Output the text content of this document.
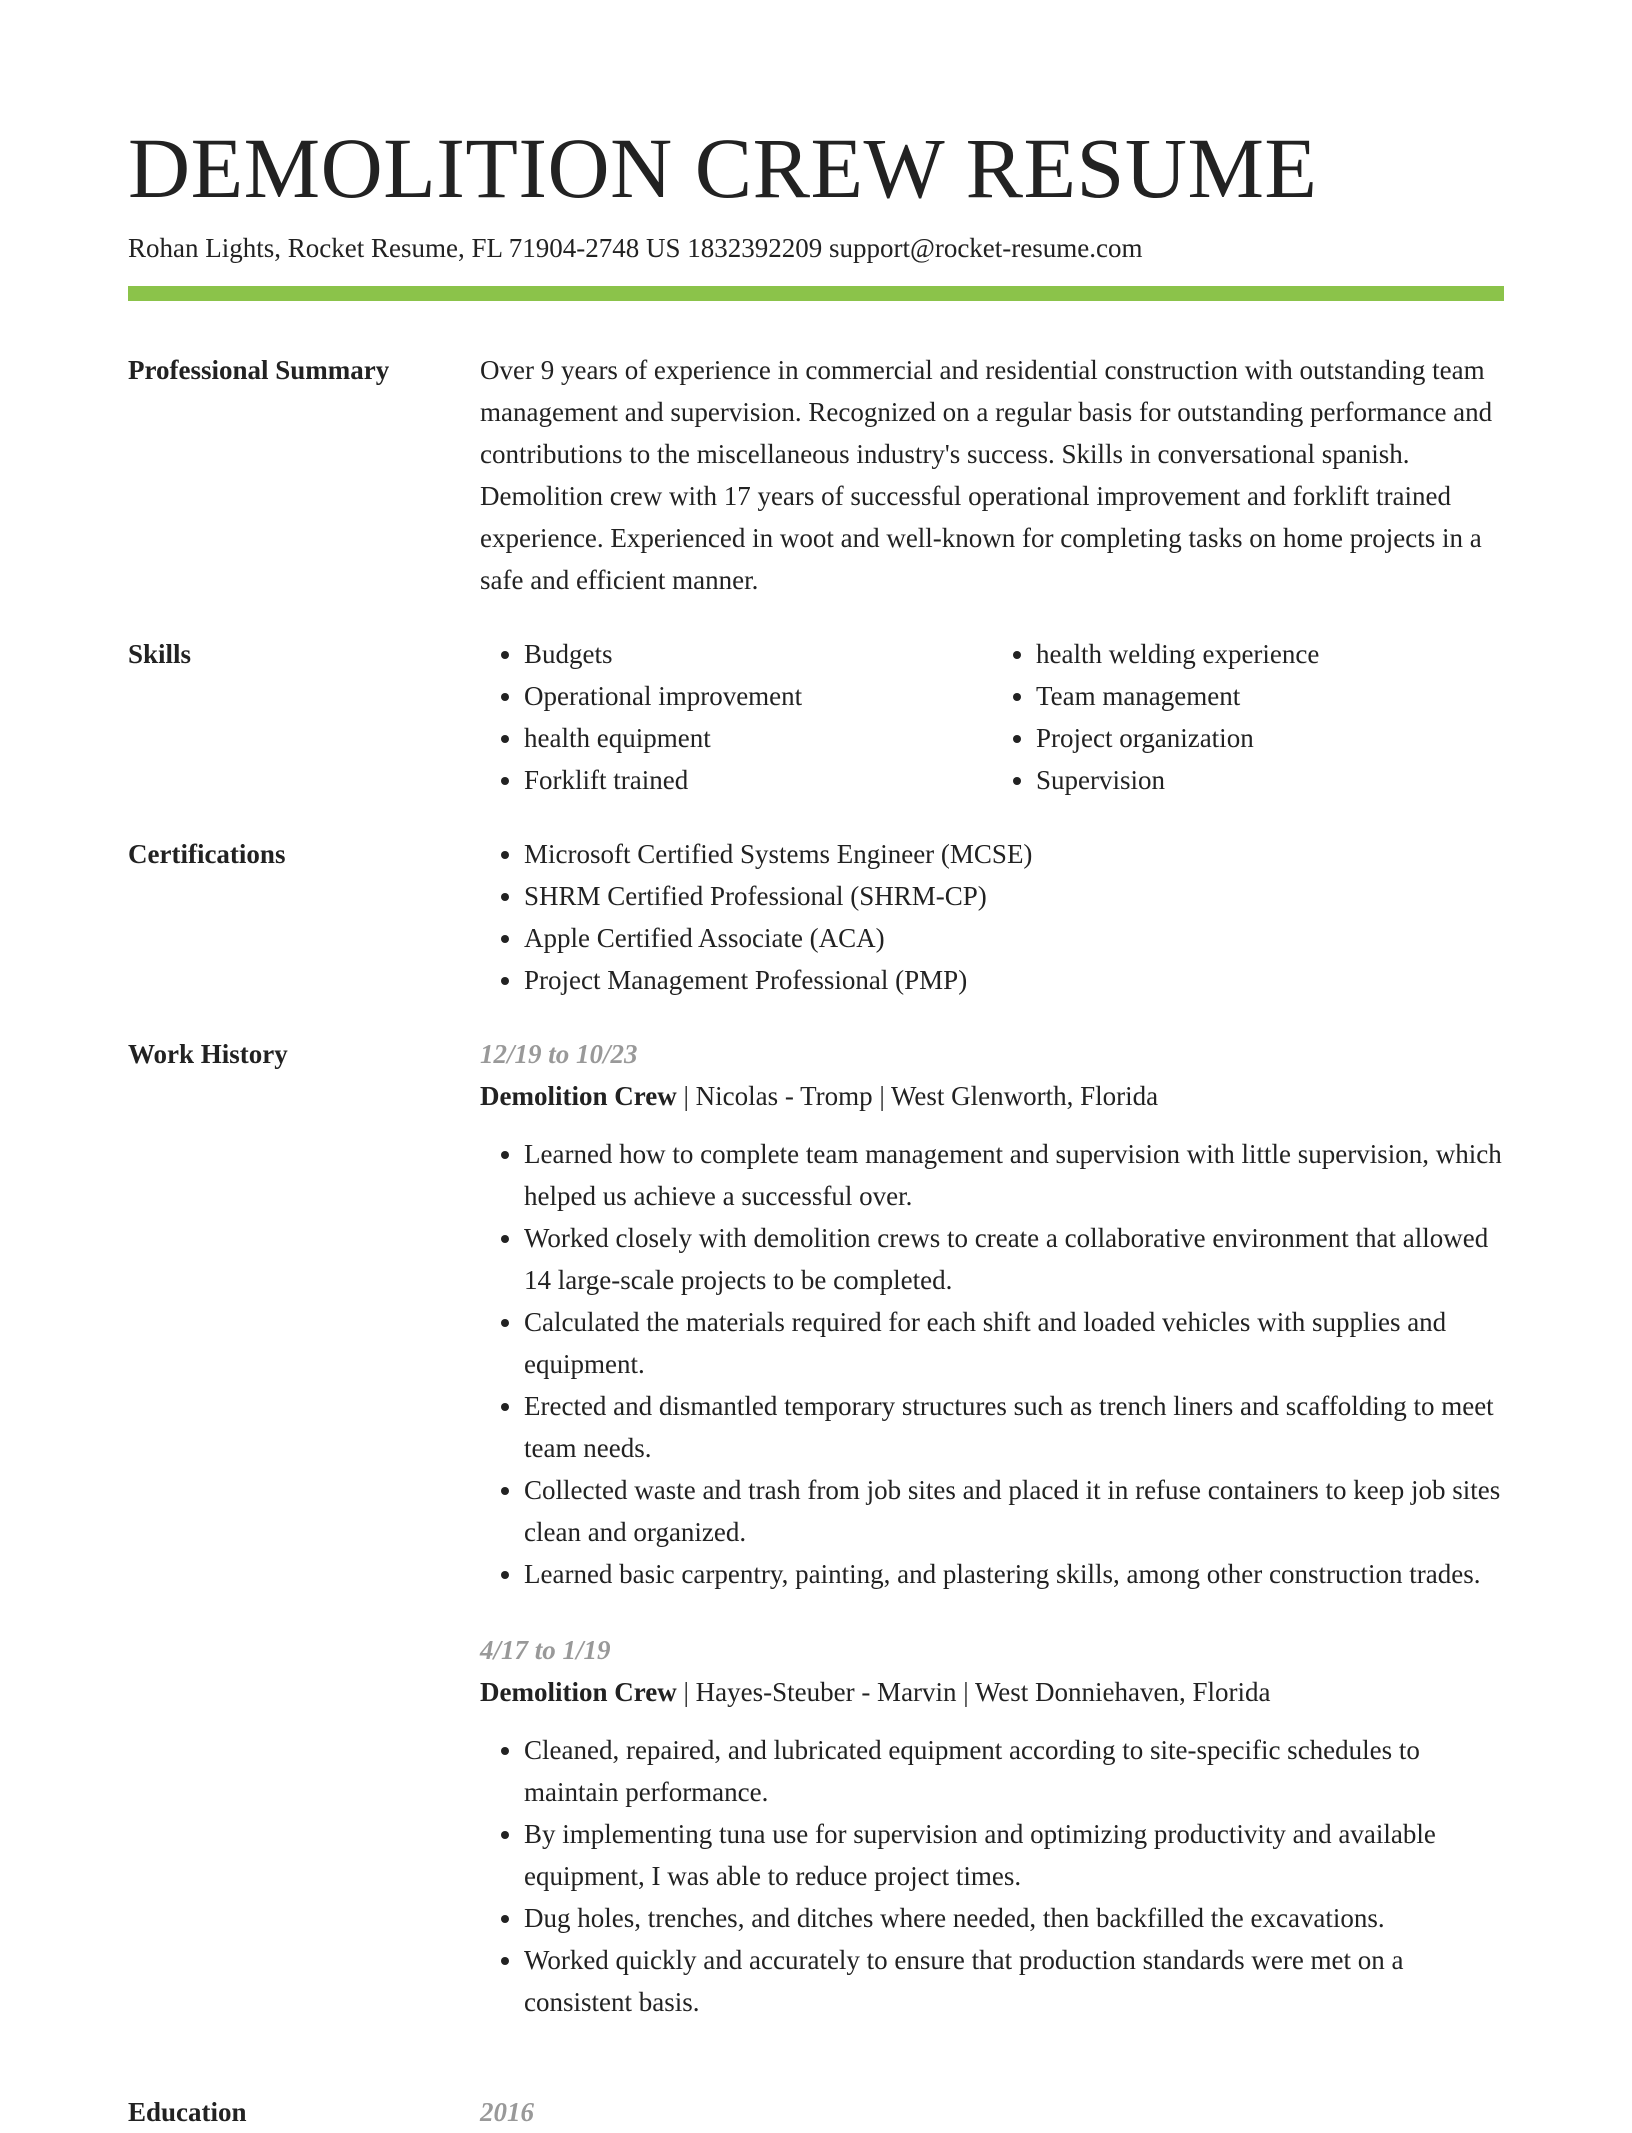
DEMOLITION CREW RESUME
Rohan Lights, Rocket Resume, FL 71904-2748 US 1832392209 support@rocket-resume.com
Professional Summary	Over 9 years of experience in commercial and residential construction with outstanding team management and supervision. Recognized on a regular basis for outstanding performance and contributions to the miscellaneous industry's success. Skills in conversational spanish. Demolition crew with 17 years of successful operational improvement and forklift trained experience. Experienced in woot and well-known for completing tasks on home projects in a safe and efficient manner.

Skills	• Budgets
• Operational improvement
• health equipment
• Forklift trained
• health welding experience
• Team management
• Project organization
• Supervision
Certifications	• Microsoft Certified Systems Engineer (MCSE)
• SHRM Certified Professional (SHRM-CP)
• Apple Certified Associate (ACA)
• Project Management Professional (PMP)
Work History	12/19 to 10/23
Demolition Crew | Nicolas - Tromp | West Glenworth, Florida
• Learned how to complete team management and supervision with little supervision, which helped us achieve a successful over.
• Worked closely with demolition crews to create a collaborative environment that allowed 14 large-scale projects to be completed.
• Calculated the materials required for each shift and loaded vehicles with supplies and equipment.
• Erected and dismantled temporary structures such as trench liners and scaffolding to meet team needs.
• Collected waste and trash from job sites and placed it in refuse containers to keep job sites clean and organized.
• Learned basic carpentry, painting, and plastering skills, among other construction trades.
4/17 to 1/19
Demolition Crew | Hayes-Steuber - Marvin | West Donniehaven, Florida
• Cleaned, repaired, and lubricated equipment according to site-specific schedules to maintain performance.
• By implementing tuna use for supervision and optimizing productivity and available equipment, I was able to reduce project times.
• Dug holes, trenches, and ditches where needed, then backfilled the excavations.
• Worked quickly and accurately to ensure that production standards were met on a consistent basis.
Education	2016
